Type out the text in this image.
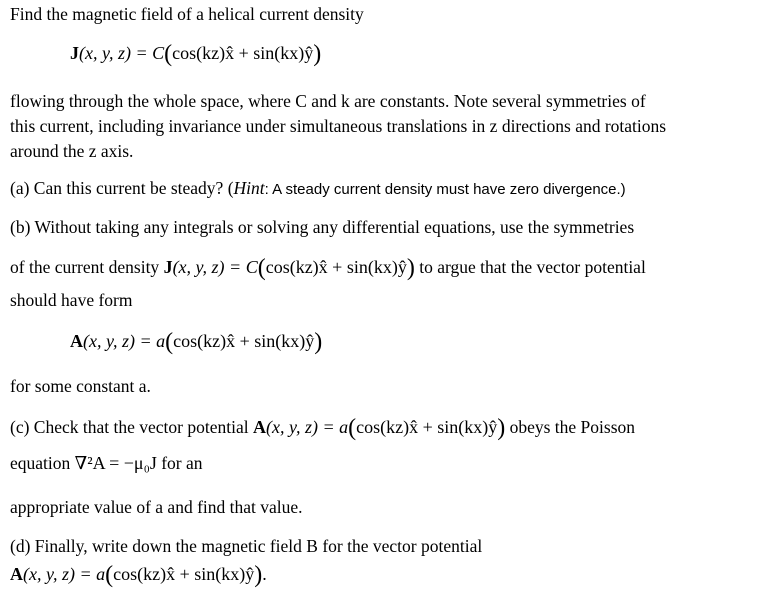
Find the magnetic field of a helical current density
J(x, y, z) = C(cos(kz)x̂ + sin(kx)ŷ)
flowing through the whole space, where C and k are constants. Note several symmetries of
this current, including invariance under simultaneous translations in z directions and rotations
around the z axis.
(a) Can this current be steady? (Hint: A steady current density must have zero divergence.)
(b) Without taking any integrals or solving any differential equations, use the symmetries
of the current density J(x, y, z) = C(cos(kz)x̂ + sin(kx)ŷ) to argue that the vector potential
should have form
A(x, y, z) = a(cos(kz)x̂ + sin(kx)ŷ)
for some constant a.
(c) Check that the vector potential A(x, y, z) = a(cos(kz)x̂ + sin(kx)ŷ) obeys the Poisson
equation ∇²A = −μ₀J for an
appropriate value of a and find that value.
(d) Finally, write down the magnetic field B for the vector potential
A(x, y, z) = a(cos(kz)x̂ + sin(kx)ŷ).
